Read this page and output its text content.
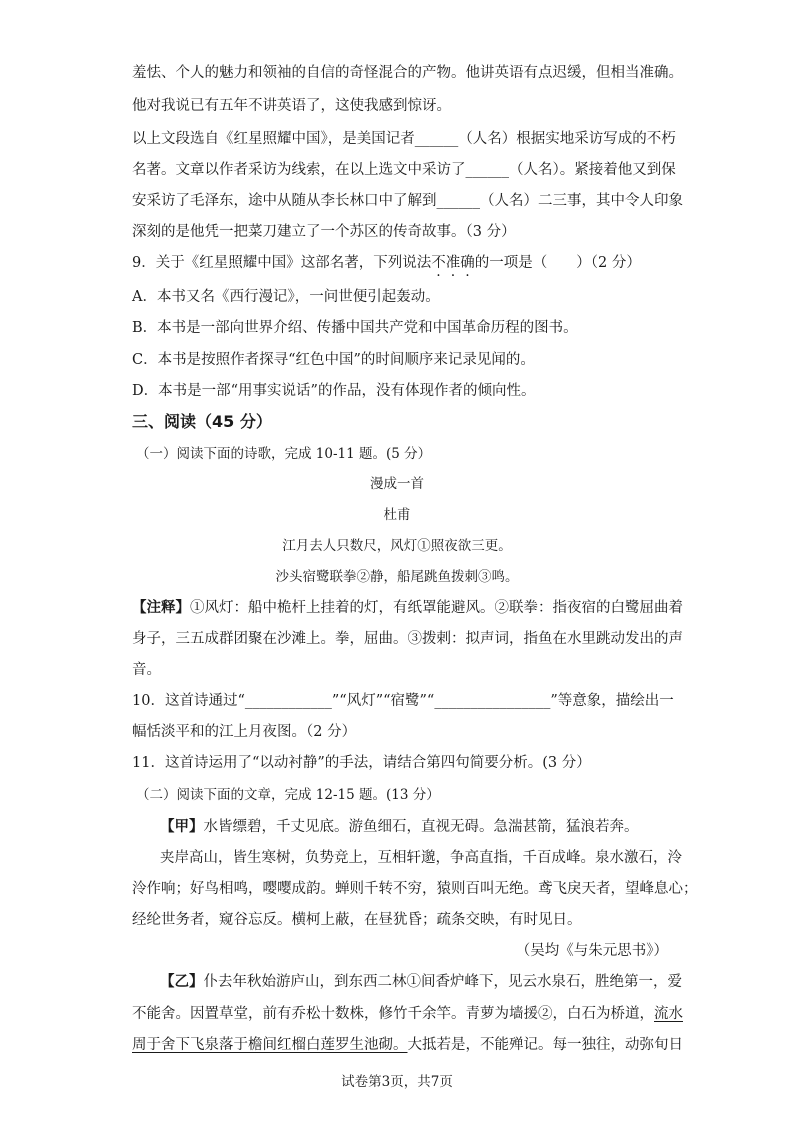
羞怯、个人的魅力和领袖的自信的奇怪混合的产物。他讲英语有点迟缓，但相当准确。
他对我说已有五年不讲英语了，这使我感到惊讶。
以上文段选自《红星照耀中国》，是美国记者______（人名）根据实地采访写成的不朽
名著。文章以作者采访为线索，在以上选文中采访了______（人名）。紧接着他又到保
安采访了毛泽东，途中从随从李长林口中了解到______（人名）二三事，其中令人印象
深刻的是他凭一把菜刀建立了一个苏区的传奇故事。（3 分）
9．关于《红星照耀中国》这部名著，下列说法不准确的一项是（　　）（2 分）
A．本书又名《西行漫记》，一问世便引起轰动。
B．本书是一部向世界介绍、传播中国共产党和中国革命历程的图书。
C．本书是按照作者探寻“红色中国”的时间顺序来记录见闻的。
D．本书是一部“用事实说话”的作品，没有体现作者的倾向性。
三、阅读（45 分）
（一）阅读下面的诗歌，完成 10-11 题。(5 分）
漫成一首
杜甫
江月去人只数尺，风灯①照夜欲三更。
沙头宿鹭联拳②静，船尾跳鱼拨刺③鸣。
【注释】①风灯：船中桅杆上挂着的灯，有纸罩能避风。②联拳：指夜宿的白鹭屈曲着
身子，三五成群团聚在沙滩上。拳，屈曲。③拨剌：拟声词，指鱼在水里跳动发出的声
音。
10．这首诗通过“____________”“风灯”“宿鹭”“________________”等意象，描绘出一
幅恬淡平和的江上月夜图。（2 分）
11．这首诗运用了“以动衬静”的手法，请结合第四句简要分析。(3 分）
（二）阅读下面的文章，完成 12-15 题。(13 分）
【甲】水皆缥碧，千丈见底。游鱼细石，直视无碍。急湍甚箭，猛浪若奔。
夹岸高山，皆生寒树，负势竞上，互相轩邈，争高直指，千百成峰。泉水激石，泠
泠作响；好鸟相鸣，嘤嘤成韵。蝉则千转不穷，猿则百叫无绝。鸢飞戾天者，望峰息心；
经纶世务者，窥谷忘反。横柯上蔽，在昼犹昏；疏条交映，有时见日。
（吴均《与朱元思书》）
【乙】仆去年秋始游庐山，到东西二林①间香炉峰下，见云水泉石，胜绝第一，爱
不能舍。因置草堂，前有乔松十数株，修竹千余竿。青萝为墙援②，白石为桥道，流水
周于舍下飞泉落于檐间红榴白莲罗生池砌。大抵若是，不能殚记。每一独往，动弥旬日
试卷第3页，共7页
